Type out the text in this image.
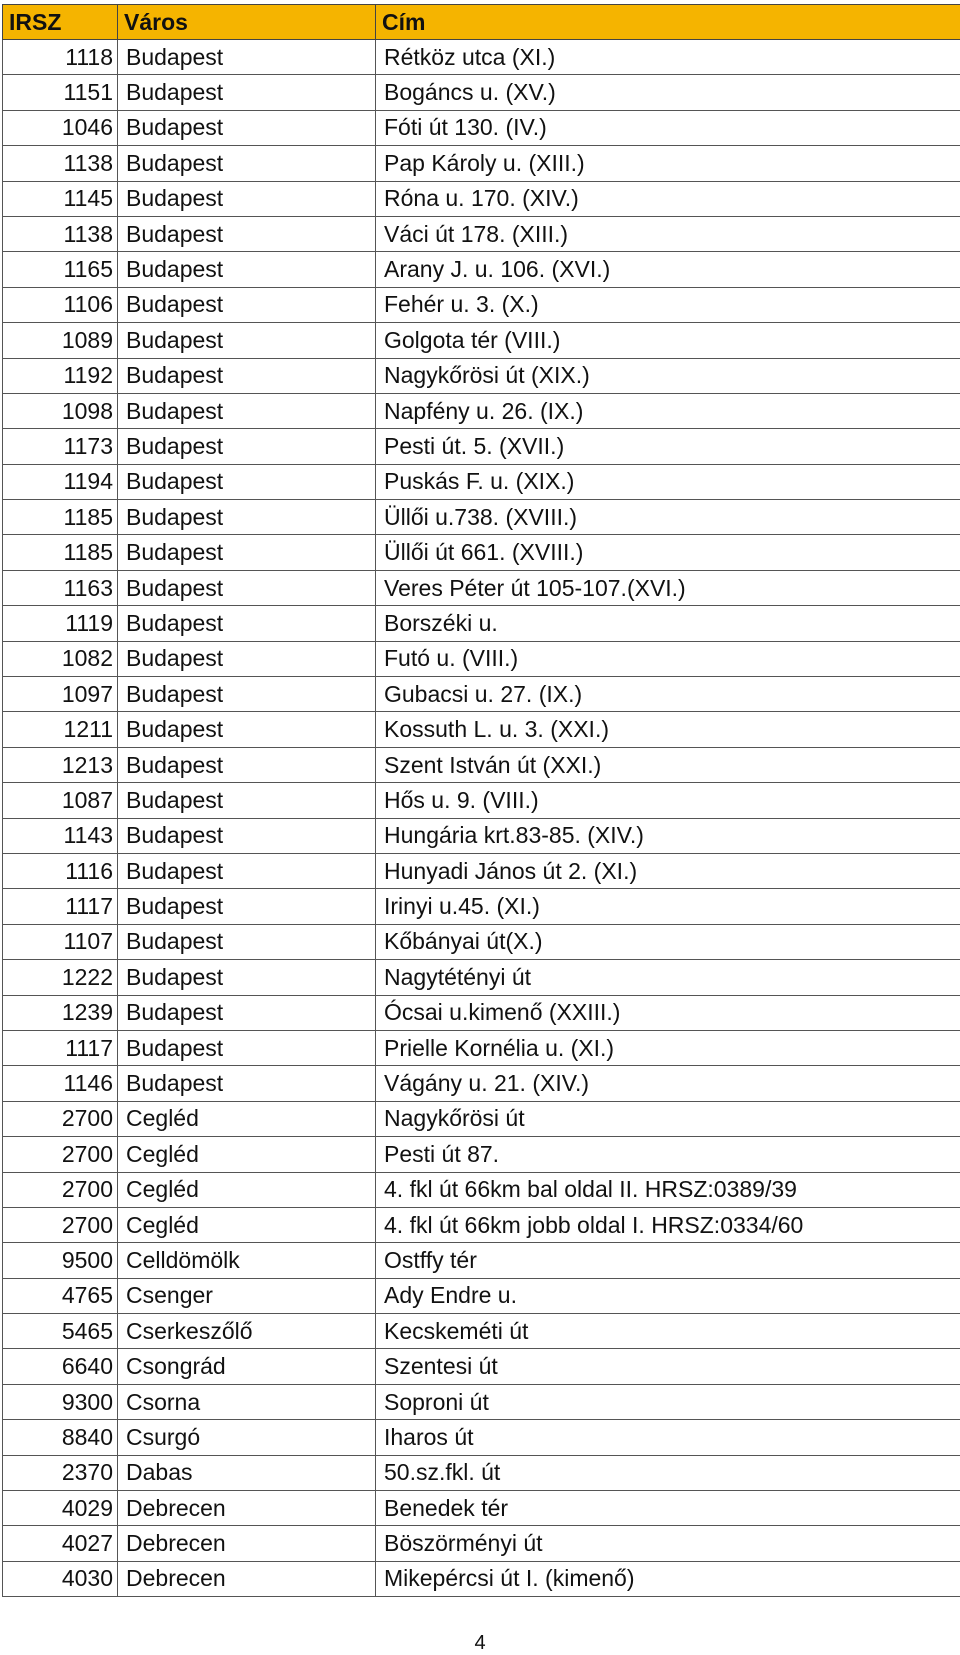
IRSZ	Város	Cím
1118	Budapest	Rétköz utca (XI.)
1151	Budapest	Bogáncs u. (XV.)
1046	Budapest	Fóti út 130. (IV.)
1138	Budapest	Pap Károly u. (XIII.)
1145	Budapest	Róna u. 170. (XIV.)
1138	Budapest	Váci út 178. (XIII.)
1165	Budapest	Arany J. u. 106. (XVI.)
1106	Budapest	Fehér u. 3. (X.)
1089	Budapest	Golgota tér (VIII.)
1192	Budapest	Nagykőrösi út (XIX.)
1098	Budapest	Napfény u. 26. (IX.)
1173	Budapest	Pesti út. 5. (XVII.)
1194	Budapest	Puskás F. u. (XIX.)
1185	Budapest	Üllői u.738. (XVIII.)
1185	Budapest	Üllői út 661. (XVIII.)
1163	Budapest	Veres Péter út 105-107.(XVI.)
1119	Budapest	Borszéki u.
1082	Budapest	Futó u. (VIII.)
1097	Budapest	Gubacsi u. 27. (IX.)
1211	Budapest	Kossuth L. u. 3. (XXI.)
1213	Budapest	Szent István út (XXI.)
1087	Budapest	Hős u. 9. (VIII.)
1143	Budapest	Hungária krt.83-85. (XIV.)
1116	Budapest	Hunyadi János út 2. (XI.)
1117	Budapest	Irinyi u.45. (XI.)
1107	Budapest	Kőbányai út(X.)
1222	Budapest	Nagytétényi út
1239	Budapest	Ócsai u.kimenő (XXIII.)
1117	Budapest	Prielle Kornélia u. (XI.)
1146	Budapest	Vágány u. 21. (XIV.)
2700	Cegléd	Nagykőrösi út
2700	Cegléd	Pesti út 87.
2700	Cegléd	4. fkl út 66km bal oldal II. HRSZ:0389/39
2700	Cegléd	4. fkl út 66km jobb oldal I. HRSZ:0334/60
9500	Celldömölk	Ostffy tér
4765	Csenger	Ady Endre u.
5465	Cserkeszőlő	Kecskeméti út
6640	Csongrád	Szentesi út
9300	Csorna	Soproni út
8840	Csurgó	Iharos út
2370	Dabas	50.sz.fkl. út
4029	Debrecen	Benedek tér
4027	Debrecen	Böszörményi út
4030	Debrecen	Mikepércsi út I. (kimenő)
4
